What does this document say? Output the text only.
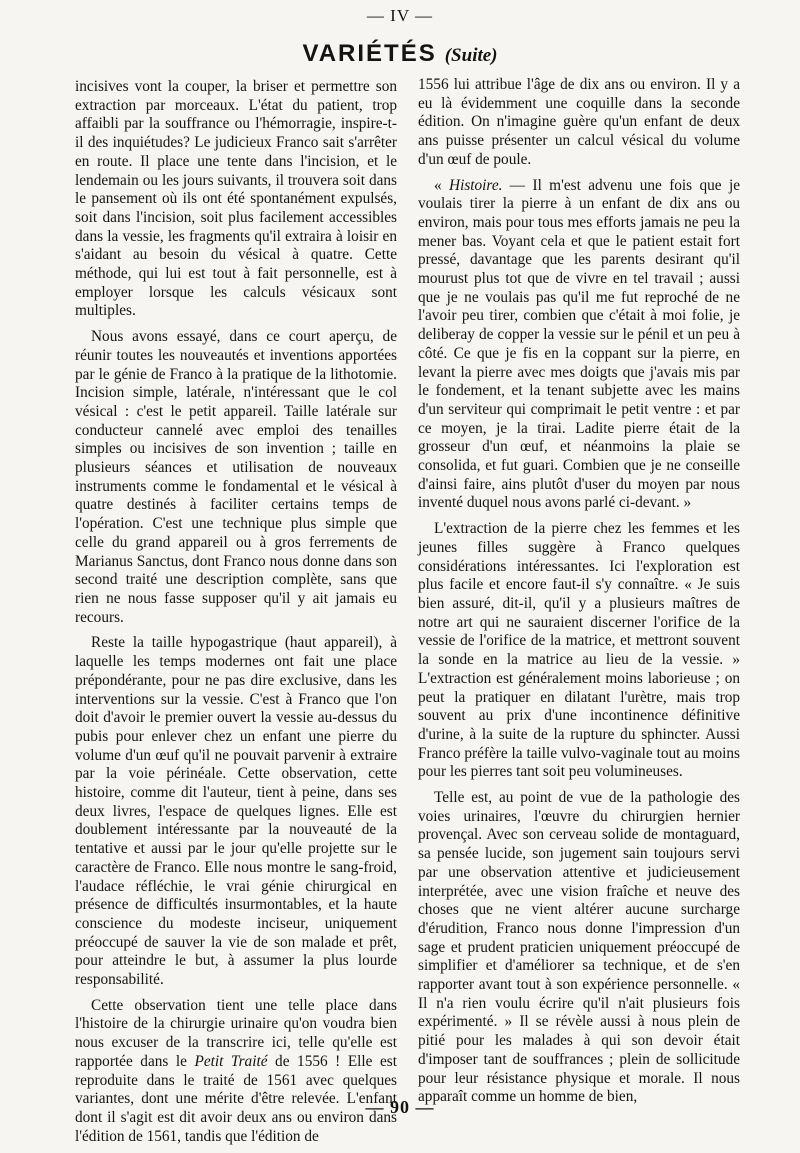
— IV —
VARIÉTÉS (Suite)

incisives vont la couper, la briser et permettre son extraction par morceaux. L'état du patient, trop affaibli par la souffrance ou l'hémorragie, inspire-t-il des inquiétudes? Le judicieux Franco sait s'arrêter en route. Il place une tente dans l'incision, et le lendemain ou les jours suivants, il trouvera soit dans le pansement où ils ont été spontanément expulsés, soit dans l'incision, soit plus facilement accessibles dans la vessie, les fragments qu'il extraira à loisir en s'aidant au besoin du vésical à quatre. Cette méthode, qui lui est tout à fait personnelle, est à employer lorsque les calculs vésicaux sont multiples.

Nous avons essayé, dans ce court aperçu, de réunir toutes les nouveautés et inventions apportées par le génie de Franco à la pratique de la lithotomie. Incision simple, latérale, n'intéressant que le col vésical : c'est le petit appareil. Taille latérale sur conducteur cannelé avec emploi des tenailles simples ou incisives de son invention ; taille en plusieurs séances et utilisation de nouveaux instruments comme le fondamental et le vésical à quatre destinés à faciliter certains temps de l'opération. C'est une technique plus simple que celle du grand appareil ou à gros ferrements de Marianus Sanctus, dont Franco nous donne dans son second traité une description complète, sans que rien ne nous fasse supposer qu'il y ait jamais eu recours.

Reste la taille hypogastrique (haut appareil), à laquelle les temps modernes ont fait une place prépondérante, pour ne pas dire exclusive, dans les interventions sur la vessie. C'est à Franco que l'on doit d'avoir le premier ouvert la vessie au-dessus du pubis pour enlever chez un enfant une pierre du volume d'un œuf qu'il ne pouvait parvenir à extraire par la voie périnéale. Cette observation, cette histoire, comme dit l'auteur, tient à peine, dans ses deux livres, l'espace de quelques lignes. Elle est doublement intéressante par la nouveauté de la tentative et aussi par le jour qu'elle projette sur le caractère de Franco. Elle nous montre le sang-froid, l'audace réfléchie, le vrai génie chirurgical en présence de difficultés insurmontables, et la haute conscience du modeste inciseur, uniquement préoccupé de sauver la vie de son malade et prêt, pour atteindre le but, à assumer la plus lourde responsabilité.

Cette observation tient une telle place dans l'histoire de la chirurgie urinaire qu'on voudra bien nous excuser de la transcrire ici, telle qu'elle est rapportée dans le Petit Traité de 1556 ! Elle est reproduite dans le traité de 1561 avec quelques variantes, dont une mérite d'être relevée. L'enfant dont il s'agit est dit avoir deux ans ou environ dans l'édition de 1561, tandis que l'édition de

1556 lui attribue l'âge de dix ans ou environ. Il y a eu là évidemment une coquille dans la seconde édition. On n'imagine guère qu'un enfant de deux ans puisse présenter un calcul vésical du volume d'un œuf de poule.

« Histoire. — Il m'est advenu une fois que je voulais tirer la pierre à un enfant de dix ans ou environ, mais pour tous mes efforts jamais ne peu la mener bas. Voyant cela et que le patient estait fort pressé, davantage que les parents desirant qu'il mourust plus tot que de vivre en tel travail ; aussi que je ne voulais pas qu'il me fut reproché de ne l'avoir peu tirer, combien que c'était à moi folie, je deliberay de copper la vessie sur le pénil et un peu à côté. Ce que je fis en la coppant sur la pierre, en levant la pierre avec mes doigts que j'avais mis par le fondement, et la tenant subjette avec les mains d'un serviteur qui comprimait le petit ventre : et par ce moyen, je la tirai. Ladite pierre était de la grosseur d'un œuf, et néanmoins la plaie se consolida, et fut guari. Combien que je ne conseille d'ainsi faire, ains plutôt d'user du moyen par nous inventé duquel nous avons parlé ci-devant. »

L'extraction de la pierre chez les femmes et les jeunes filles suggère à Franco quelques considérations intéressantes. Ici l'exploration est plus facile et encore faut-il s'y connaître. « Je suis bien assuré, dit-il, qu'il y a plusieurs maîtres de notre art qui ne sauraient discerner l'orifice de la vessie de l'orifice de la matrice, et mettront souvent la sonde en la matrice au lieu de la vessie. » L'extraction est généralement moins laborieuse ; on peut la pratiquer en dilatant l'urètre, mais trop souvent au prix d'une incontinence définitive d'urine, à la suite de la rupture du sphincter. Aussi Franco préfère la taille vulvo-vaginale tout au moins pour les pierres tant soit peu volumineuses.

Telle est, au point de vue de la pathologie des voies urinaires, l'œuvre du chirurgien hernier provençal. Avec son cerveau solide de montaguard, sa pensée lucide, son jugement sain toujours servi par une observation attentive et judicieusement interprétée, avec une vision fraîche et neuve des choses que ne vient altérer aucune surcharge d'érudition, Franco nous donne l'impression d'un sage et prudent praticien uniquement préoccupé de simplifier et d'améliorer sa technique, et de s'en rapporter avant tout à son expérience personnelle. « Il n'a rien voulu écrire qu'il n'ait plusieurs fois expérimenté. » Il se révèle aussi à nous plein de pitié pour les malades à qui son devoir était d'imposer tant de souffrances ; plein de sollicitude pour leur résistance physique et morale. Il nous apparaît comme un homme de bien,

— 90 —
